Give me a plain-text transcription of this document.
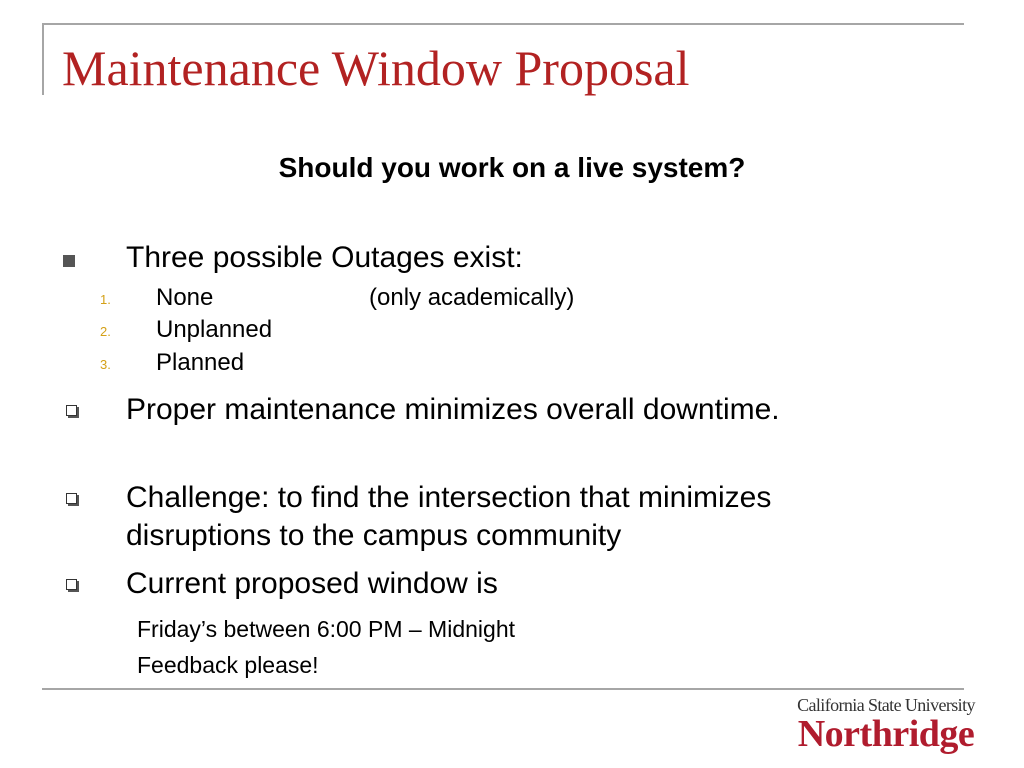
Maintenance Window Proposal
Should you work on a live system?
Three possible Outages exist:
1. None	(only academically)
2. Unplanned
3. Planned
Proper maintenance minimizes overall downtime.
Challenge: to find the intersection that minimizes
disruptions to the campus community
Current proposed window is
Friday’s between 6:00 PM – Midnight
Feedback please!
California State University
Northridge
